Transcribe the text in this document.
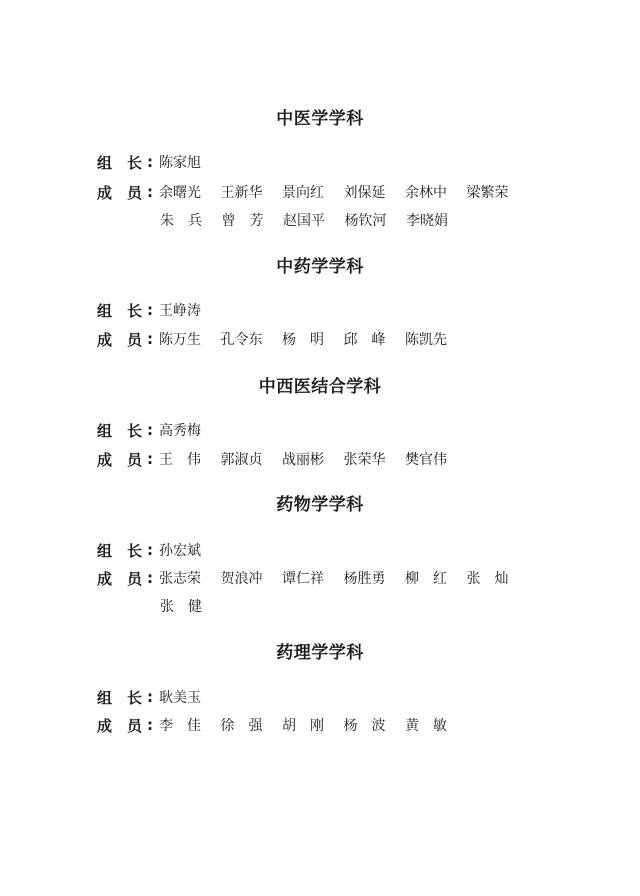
中医学学科
组 长 : 陈家旭
成 员 : 余曙光	王新华	景向红	刘保延	余林中	梁繁荣
朱　兵	曾　芳	赵国平	杨钦河	李晓娟
中药学学科
组 长 : 王峥涛
成 员 : 陈万生	孔令东	杨　明	邱　峰	陈凯先
中西医结合学科
组 长 : 高秀梅
成 员 : 王　伟	郭淑贞	战丽彬	张荣华	樊官伟
药物学学科
组 长 : 孙宏斌
成 员 : 张志荣	贺浪冲	谭仁祥	杨胜勇	柳　红	张　灿
张　健
药理学学科
组 长 : 耿美玉
成 员 : 李　佳	徐　强	胡　刚	杨　波	黄　敏
